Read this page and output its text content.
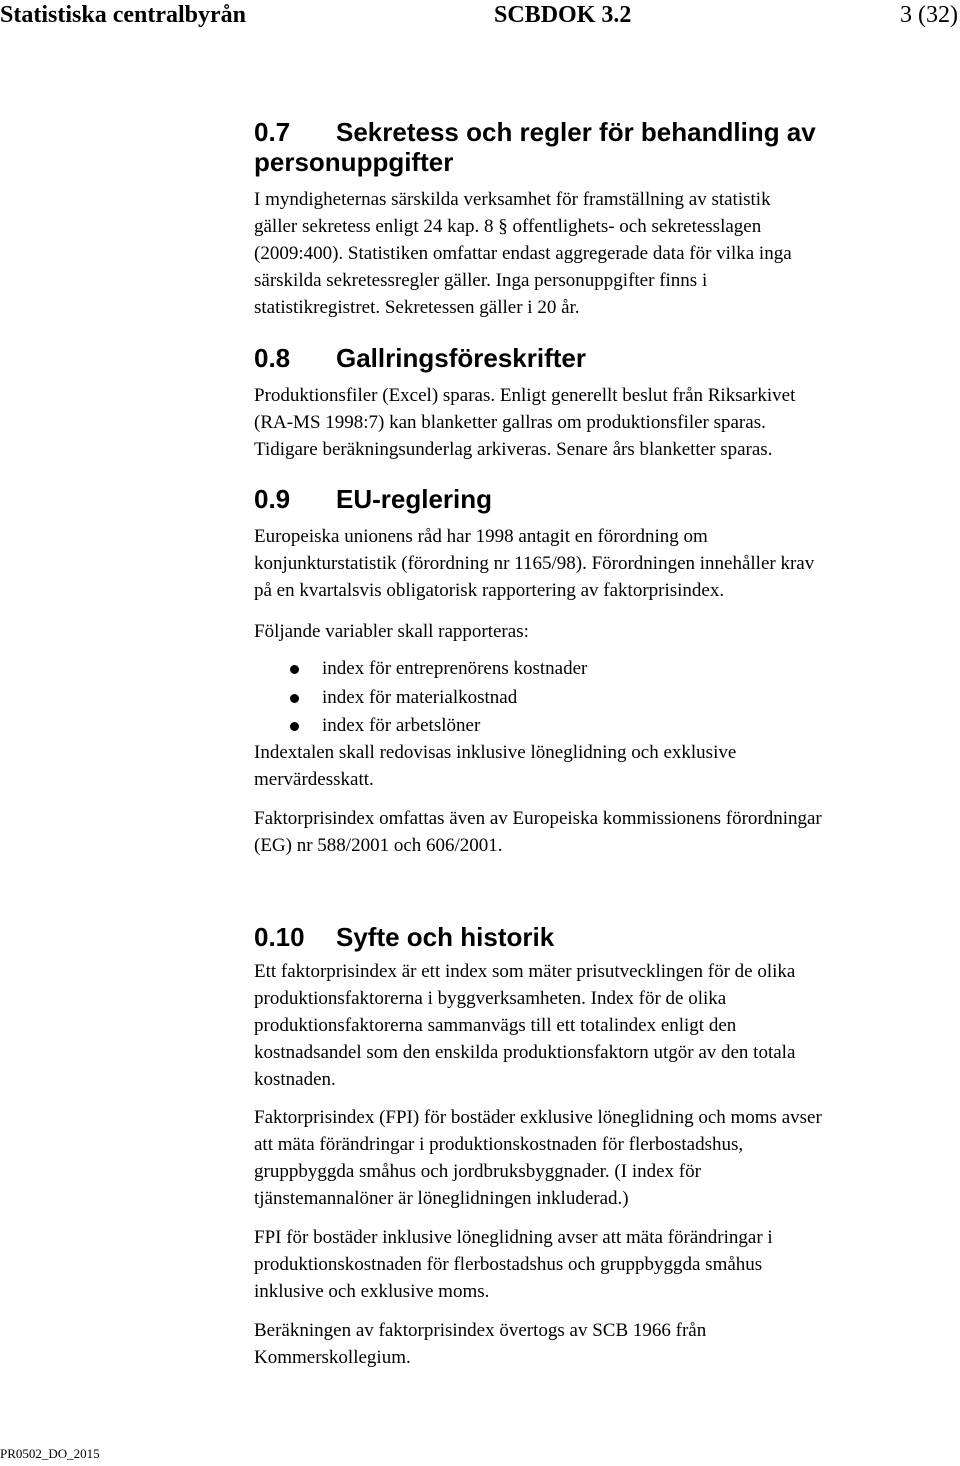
Statistiska centralbyrån	SCBDOK 3.2	3 (32)
0.7 Sekretess och regler för behandling av
personuppgifter
I myndigheternas särskilda verksamhet för framställning av statistik
gäller sekretess enligt 24 kap. 8 § offentlighets- och sekretesslagen
(2009:400). Statistiken omfattar endast aggregerade data för vilka inga
särskilda sekretessregler gäller. Inga personuppgifter finns i
statistikregistret. Sekretessen gäller i 20 år.
0.8 Gallringsföreskrifter
Produktionsfiler (Excel) sparas. Enligt generellt beslut från Riksarkivet
(RA-MS 1998:7) kan blanketter gallras om produktionsfiler sparas.
Tidigare beräkningsunderlag arkiveras. Senare års blanketter sparas.
0.9 EU-reglering
Europeiska unionens råd har 1998 antagit en förordning om
konjunkturstatistik (förordning nr 1165/98). Förordningen innehåller krav
på en kvartalsvis obligatorisk rapportering av faktorprisindex.
Följande variabler skall rapporteras:
index för entreprenörens kostnader
index för materialkostnad
index för arbetslöner
Indextalen skall redovisas inklusive löneglidning och exklusive
mervärdesskatt.
Faktorprisindex omfattas även av Europeiska kommissionens förordningar
(EG) nr 588/2001 och 606/2001.
0.10 Syfte och historik
Ett faktorprisindex är ett index som mäter prisutvecklingen för de olika
produktionsfaktorerna i byggverksamheten. Index för de olika
produktionsfaktorerna sammanvägs till ett totalindex enligt den
kostnadsandel som den enskilda produktionsfaktorn utgör av den totala
kostnaden.
Faktorprisindex (FPI) för bostäder exklusive löneglidning och moms avser
att mäta förändringar i produktionskostnaden för flerbostadshus,
gruppbyggda småhus och jordbruksbyggnader. (I index för
tjänstemannalöner är löneglidningen inkluderad.)
FPI för bostäder inklusive löneglidning avser att mäta förändringar i
produktionskostnaden för flerbostadshus och gruppbyggda småhus
inklusive och exklusive moms.
Beräkningen av faktorprisindex övertogs av SCB 1966 från
Kommerskollegium.
PR0502_DO_2015
